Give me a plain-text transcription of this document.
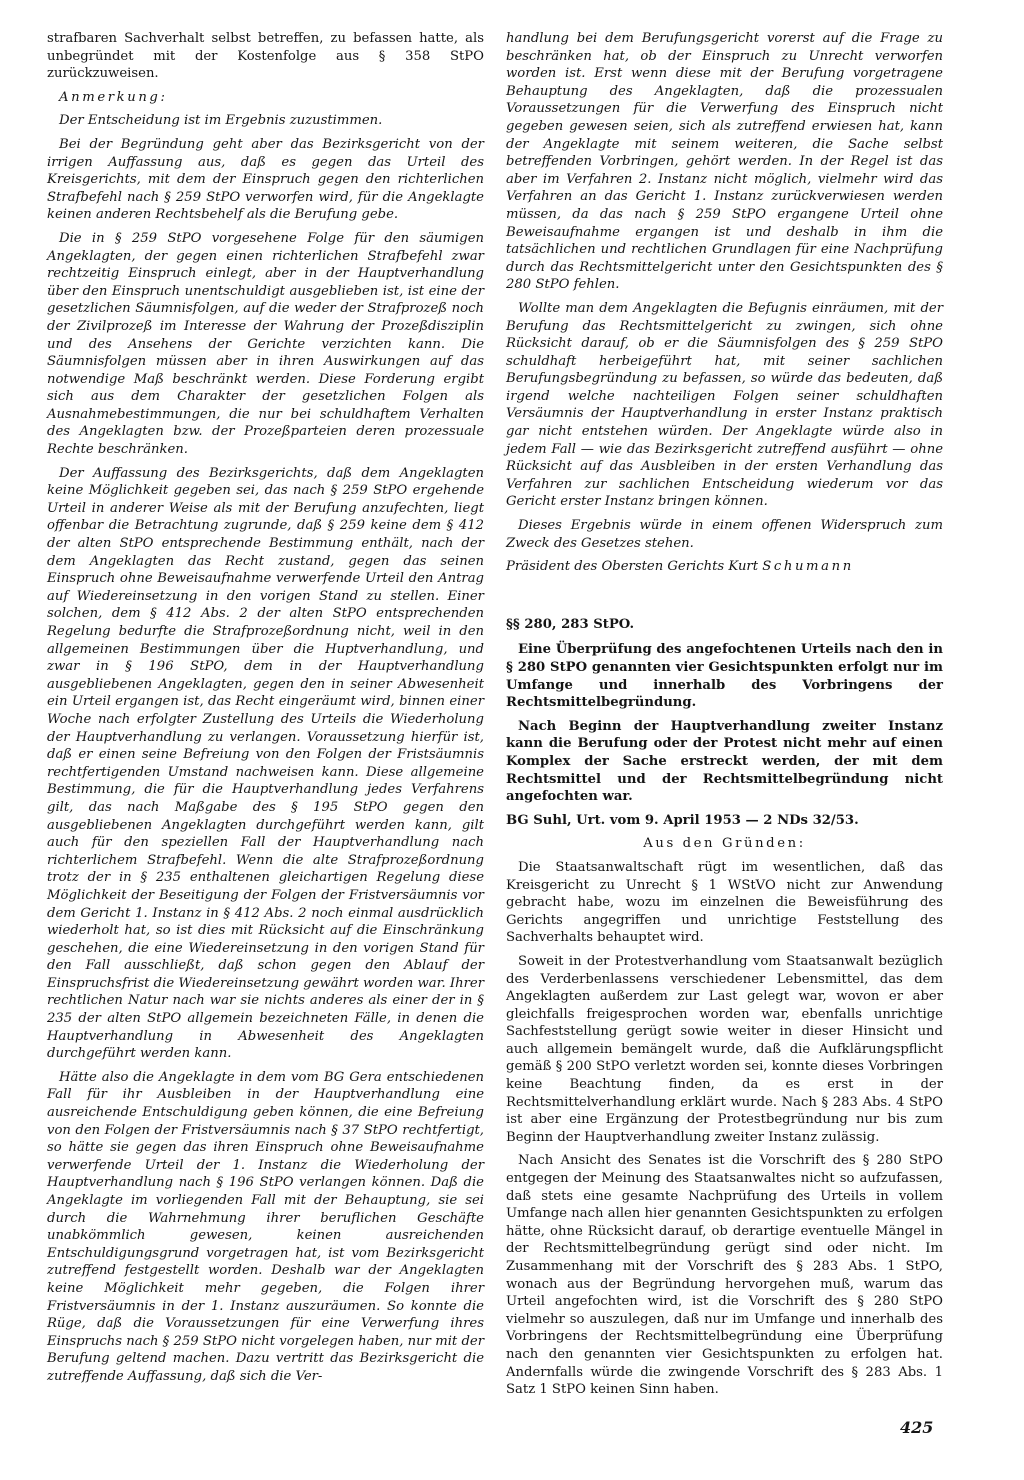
strafbaren Sachverhalt selbst betreffen, zu befassen hatte, als unbegründet mit der Kostenfolge aus § 358 StPO zurückzuweisen.

Anmerkung:

Der Entscheidung ist im Ergebnis zuzustimmen.

Bei der Begründung geht aber das Bezirksgericht von der irrigen Auffassung aus, daß es gegen das Urteil des Kreisgerichts, mit dem der Einspruch gegen den richterlichen Strafbefehl nach § 259 StPO verworfen wird, für die Angeklagte keinen anderen Rechtsbehelf als die Berufung gebe.

Die in § 259 StPO vorgesehene Folge für den säumigen Angeklagten, der gegen einen richterlichen Strafbefehl zwar rechtzeitig Einspruch einlegt, aber in der Hauptverhandlung über den Einspruch unentschuldigt ausgeblieben ist, ist eine der gesetzlichen Säumnisfolgen, auf die weder der Strafprozeß noch der Zivilprozeß im Interesse der Wahrung der Prozeßdisziplin und des Ansehens der Gerichte verzichten kann. Die Säumnisfolgen müssen aber in ihren Auswirkungen auf das notwendige Maß beschränkt werden. Diese Forderung ergibt sich aus dem Charakter der gesetzlichen Folgen als Ausnahmebestimmungen, die nur bei schuldhaftem Verhalten des Angeklagten bzw. der Prozeßparteien deren prozessuale Rechte beschränken.

Der Auffassung des Bezirksgerichts, daß dem Angeklagten keine Möglichkeit gegeben sei, das nach § 259 StPO ergehende Urteil in anderer Weise als mit der Berufung anzufechten, liegt offenbar die Betrachtung zugrunde, daß § 259 keine dem § 412 der alten StPO entsprechende Bestimmung enthält, nach der dem Angeklagten das Recht zustand, gegen das seinen Einspruch ohne Beweisaufnahme verwerfende Urteil den Antrag auf Wiedereinsetzung in den vorigen Stand zu stellen. Einer solchen, dem § 412 Abs. 2 der alten StPO entsprechenden Regelung bedurfte die Strafprozeßordnung nicht, weil in den allgemeinen Bestimmungen über die Huptverhandlung, und zwar in § 196 StPO, dem in der Hauptverhandlung ausgebliebenen Angeklagten, gegen den in seiner Abwesenheit ein Urteil ergangen ist, das Recht eingeräumt wird, binnen einer Woche nach erfolgter Zustellung des Urteils die Wiederholung der Hauptverhandlung zu verlangen. Voraussetzung hierfür ist, daß er einen seine Befreiung von den Folgen der Fristsäumnis rechtfertigenden Umstand nachweisen kann. Diese allgemeine Bestimmung, die für die Hauptverhandlung jedes Verfahrens gilt, das nach Maßgabe des § 195 StPO gegen den ausgebliebenen Angeklagten durchgeführt werden kann, gilt auch für den speziellen Fall der Hauptverhandlung nach richterlichem Strafbefehl. Wenn die alte Strafprozeßordnung trotz der in § 235 enthaltenen gleichartigen Regelung diese Möglichkeit der Beseitigung der Folgen der Fristversäumnis vor dem Gericht 1. Instanz in § 412 Abs. 2 noch einmal ausdrücklich wiederholt hat, so ist dies mit Rücksicht auf die Einschränkung geschehen, die eine Wiedereinsetzung in den vorigen Stand für den Fall ausschließt, daß schon gegen den Ablauf der Einspruchsfrist die Wiedereinsetzung gewährt worden war. Ihrer rechtlichen Natur nach war sie nichts anderes als einer der in § 235 der alten StPO allgemein bezeichneten Fälle, in denen die Hauptverhandlung in Abwesenheit des Angeklagten durchgeführt werden kann.

Hätte also die Angeklagte in dem vom BG Gera entschiedenen Fall für ihr Ausbleiben in der Hauptverhandlung eine ausreichende Entschuldigung geben können, die eine Befreiung von den Folgen der Fristversäumnis nach § 37 StPO rechtfertigt, so hätte sie gegen das ihren Einspruch ohne Beweisaufnahme verwerfende Urteil der 1. Instanz die Wiederholung der Hauptverhandlung nach § 196 StPO verlangen können. Daß die Angeklagte im vorliegenden Fall mit der Behauptung, sie sei durch die Wahrnehmung ihrer beruflichen Geschäfte unabkömmlich gewesen, keinen ausreichenden Entschuldigungsgrund vorgetragen hat, ist vom Bezirksgericht zutreffend festgestellt worden. Deshalb war der Angeklagten keine Möglichkeit mehr gegeben, die Folgen ihrer Fristversäumnis in der 1. Instanz auszuräumen. So konnte die Rüge, daß die Voraussetzungen für eine Verwerfung ihres Einspruchs nach § 259 StPO nicht vorgelegen haben, nur mit der Berufung geltend machen. Dazu vertritt das Bezirksgericht die zutreffende Auffassung, daß sich die Ver-

handlung bei dem Berufungsgericht vorerst auf die Frage zu beschränken hat, ob der Einspruch zu Unrecht verworfen worden ist. Erst wenn diese mit der Berufung vorgetragene Behauptung des Angeklagten, daß die prozessualen Voraussetzungen für die Verwerfung des Einspruch nicht gegeben gewesen seien, sich als zutreffend erwiesen hat, kann der Angeklagte mit seinem weiteren, die Sache selbst betreffenden Vorbringen, gehört werden. In der Regel ist das aber im Verfahren 2. Instanz nicht möglich, vielmehr wird das Verfahren an das Gericht 1. Instanz zurückverwiesen werden müssen, da das nach § 259 StPO ergangene Urteil ohne Beweisaufnahme ergangen ist und deshalb in ihm die tatsächlichen und rechtlichen Grundlagen für eine Nachprüfung durch das Rechtsmittelgericht unter den Gesichtspunkten des § 280 StPO fehlen.

Wollte man dem Angeklagten die Befugnis einräumen, mit der Berufung das Rechtsmittelgericht zu zwingen, sich ohne Rücksicht darauf, ob er die Säumnisfolgen des § 259 StPO schuldhaft herbeigeführt hat, mit seiner sachlichen Berufungsbegründung zu befassen, so würde das bedeuten, daß irgend welche nachteiligen Folgen seiner schuldhaften Versäumnis der Hauptverhandlung in erster Instanz praktisch gar nicht entstehen würden. Der Angeklagte würde also in jedem Fall — wie das Bezirksgericht zutreffend ausführt — ohne Rücksicht auf das Ausbleiben in der ersten Verhandlung das Verfahren zur sachlichen Entscheidung wiederum vor das Gericht erster Instanz bringen können.

Dieses Ergebnis würde in einem offenen Widerspruch zum Zweck des Gesetzes stehen.

Präsident des Obersten Gerichts Kurt Schumann

§§ 280, 283 StPO.

Eine Überprüfung des angefochtenen Urteils nach den in § 280 StPO genannten vier Gesichtspunkten erfolgt nur im Umfange und innerhalb des Vorbringens der Rechtsmittelbegründung.

Nach Beginn der Hauptverhandlung zweiter Instanz kann die Berufung oder der Protest nicht mehr auf einen Komplex der Sache erstreckt werden, der mit dem Rechtsmittel und der Rechtsmittelbegründung nicht angefochten war.

BG Suhl, Urt. vom 9. April 1953 — 2 NDs 32/53.

Aus den Gründen:

Die Staatsanwaltschaft rügt im wesentlichen, daß das Kreisgericht zu Unrecht § 1 WStVO nicht zur Anwendung gebracht habe, wozu im einzelnen die Beweisführung des Gerichts angegriffen und unrichtige Feststellung des Sachverhalts behauptet wird.

Soweit in der Protestverhandlung vom Staatsanwalt bezüglich des Verderbenlassens verschiedener Lebensmittel, das dem Angeklagten außerdem zur Last gelegt war, wovon er aber gleichfalls freigesprochen worden war, ebenfalls unrichtige Sachfeststellung gerügt sowie weiter in dieser Hinsicht und auch allgemein bemängelt wurde, daß die Aufklärungspflicht gemäß § 200 StPO verletzt worden sei, konnte dieses Vorbringen keine Beachtung finden, da es erst in der Rechtsmittelverhandlung erklärt wurde. Nach § 283 Abs. 4 StPO ist aber eine Ergänzung der Protestbegründung nur bis zum Beginn der Hauptverhandlung zweiter Instanz zulässig.

Nach Ansicht des Senates ist die Vorschrift des § 280 StPO entgegen der Meinung des Staatsanwaltes nicht so aufzufassen, daß stets eine gesamte Nachprüfung des Urteils in vollem Umfange nach allen hier genannten Gesichtspunkten zu erfolgen hätte, ohne Rücksicht darauf, ob derartige eventuelle Mängel in der Rechtsmittelbegründung gerügt sind oder nicht. Im Zusammenhang mit der Vorschrift des § 283 Abs. 1 StPO, wonach aus der Begründung hervorgehen muß, warum das Urteil angefochten wird, ist die Vorschrift des § 280 StPO vielmehr so auszulegen, daß nur im Umfange und innerhalb des Vorbringens der Rechtsmittelbegründung eine Überprüfung nach den genannten vier Gesichtspunkten zu erfolgen hat. Andernfalls würde die zwingende Vorschrift des § 283 Abs. 1 Satz 1 StPO keinen Sinn haben.

425
